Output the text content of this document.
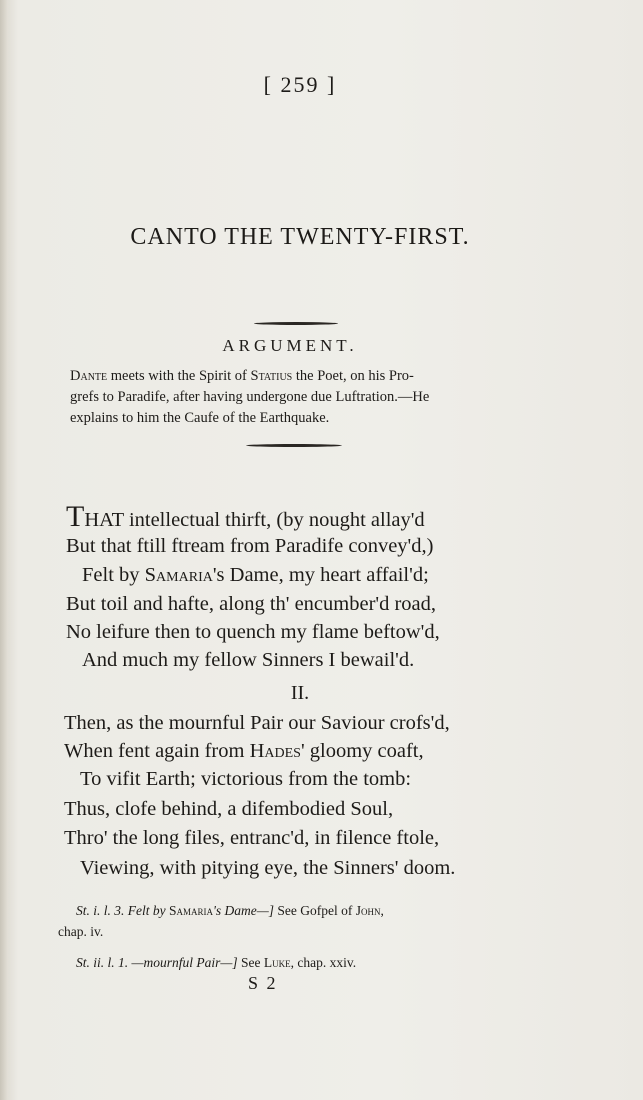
[ 259 ]
CANTO THE TWENTY-FIRST.
ARGUMENT.
Dante meets with the Spirit of Statius the Poet, on his Pro-
grefs to Paradife, after having undergone due Luftration.—He
explains to him the Caufe of the Earthquake.
THAT intellectual thirft, (by nought allay'd
But that ftill ftream from Paradife convey'd,)
Felt by Samaria's Dame, my heart affail'd;
But toil and hafte, along th' encumber'd road,
No leifure then to quench my flame beftow'd,
And much my fellow Sinners I bewail'd.
II.
Then, as the mournful Pair our Saviour crofs'd,
When fent again from Hades' gloomy coaft,
To vifit Earth; victorious from the tomb:
Thus, clofe behind, a difembodied Soul,
Thro' the long files, entranc'd, in filence ftole,
Viewing, with pitying eye, the Sinners' doom.
St. i. l. 3. Felt by Samaria's Dame—] See Gofpel of John,
chap. iv.
St. ii. l. 1. —mournful Pair—] See Luke, chap. xxiv.
S 2
